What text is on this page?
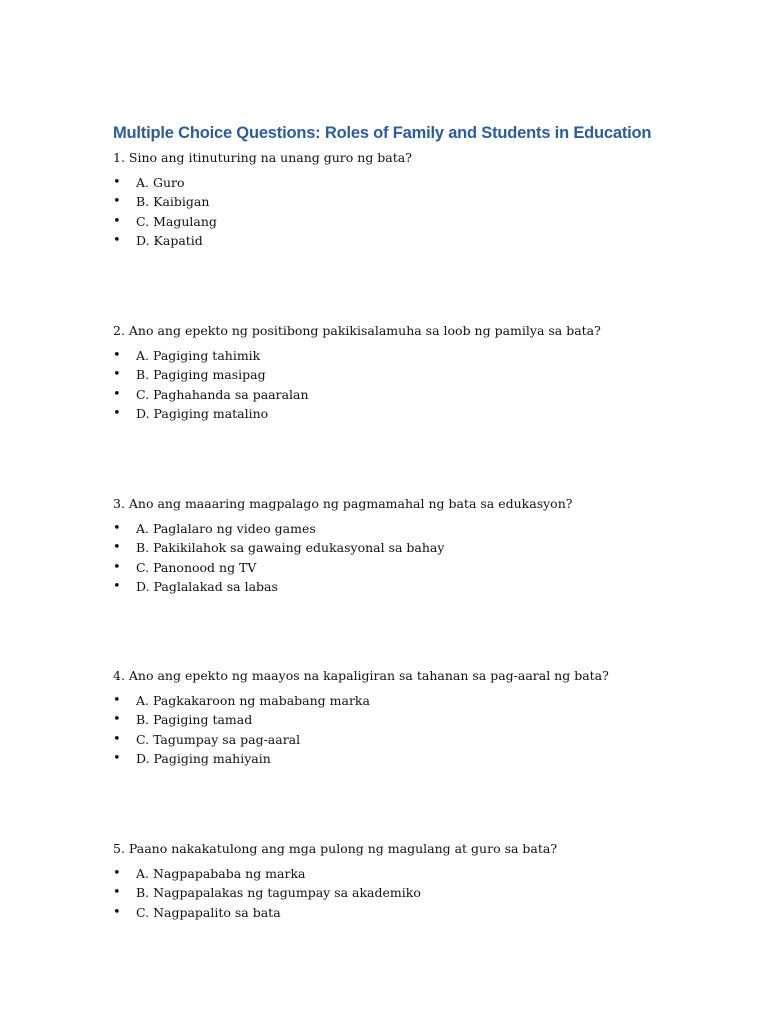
Multiple Choice Questions: Roles of Family and Students in Education

1. Sino ang itinuturing na unang guro ng bata?

•	A. Guro
•	B. Kaibigan
•	C. Magulang
•	D. Kapatid

2. Ano ang epekto ng positibong pakikisalamuha sa loob ng pamilya sa bata?

•	A. Pagiging tahimik
•	B. Pagiging masipag
•	C. Paghahanda sa paaralan
•	D. Pagiging matalino

3. Ano ang maaaring magpalago ng pagmamahal ng bata sa edukasyon?

•	A. Paglalaro ng video games
•	B. Pakikilahok sa gawaing edukasyonal sa bahay
•	C. Panonood ng TV
•	D. Paglalakad sa labas

4. Ano ang epekto ng maayos na kapaligiran sa tahanan sa pag-aaral ng bata?

•	A. Pagkakaroon ng mababang marka
•	B. Pagiging tamad
•	C. Tagumpay sa pag-aaral
•	D. Pagiging mahiyain

5. Paano nakakatulong ang mga pulong ng magulang at guro sa bata?

•	A. Nagpapababa ng marka
•	B. Nagpapalakas ng tagumpay sa akademiko
•	C. Nagpapalito sa bata
